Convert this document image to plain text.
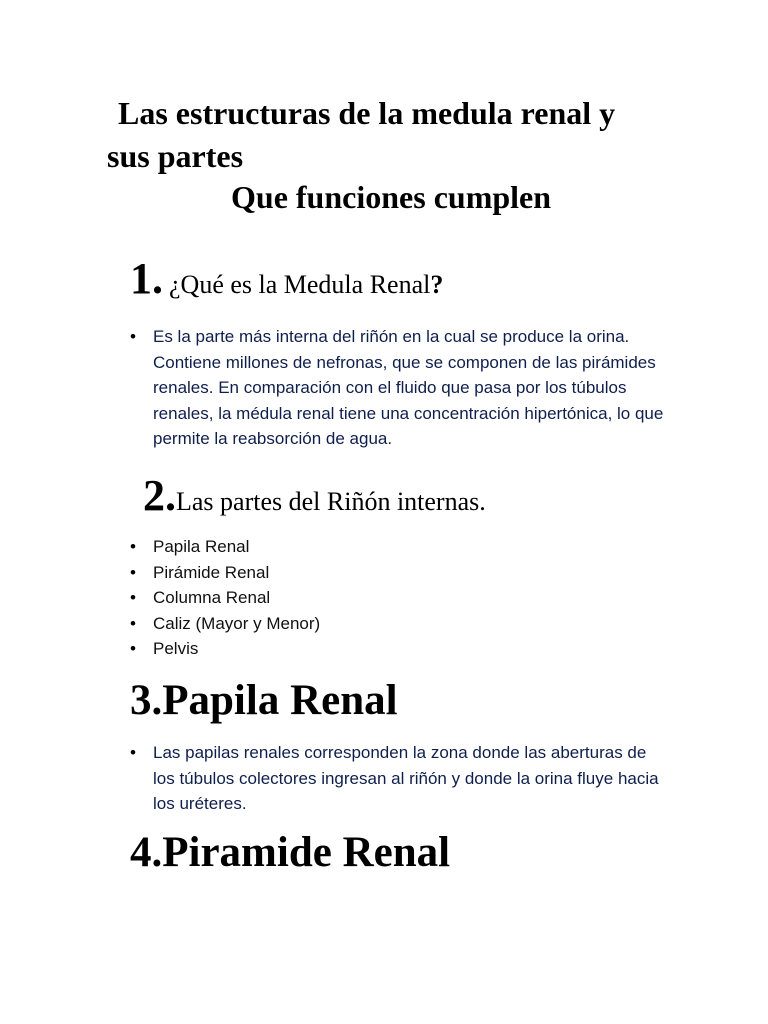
Las estructuras de la medula renal y

sus partes

Que funciones cumplen

1. ¿Qué es la Medula Renal?
• Es la parte más interna del riñón en la cual se produce la orina. Contiene millones de nefronas, que se componen de las pirámides renales. En comparación con el fluido que pasa por los túbulos renales, la médula renal tiene una concentración hipertónica, lo que permite la reabsorción de agua.
2.Las partes del Riñón internas.
• Papila Renal
• Pirámide Renal
• Columna Renal
• Caliz (Mayor y Menor)
• Pelvis
3.Papila Renal
• Las papilas renales corresponden la zona donde las aberturas de los túbulos colectores ingresan al riñón y donde la orina fluye hacia los uréteres.
4.Piramide Renal
